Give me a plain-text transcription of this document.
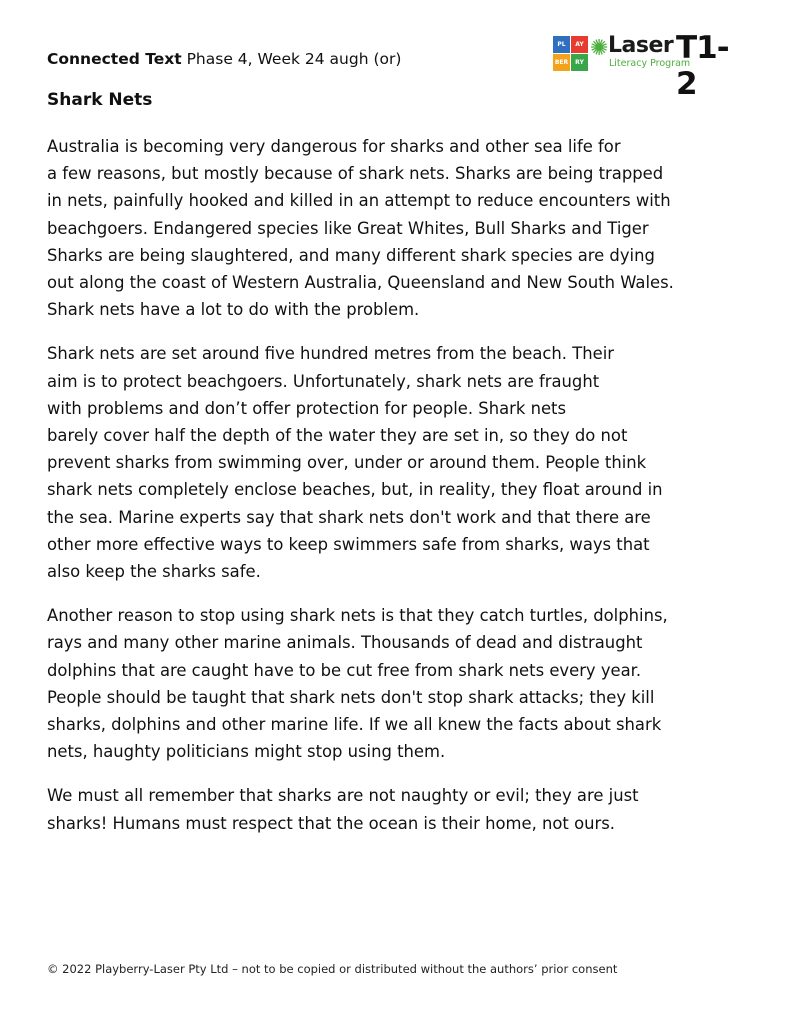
Connected Text Phase 4, Week 24 augh (or)
PL	AY
BER	RY
✺ Laser
Literacy Program
T1-2
Shark Nets

Australia is becoming very dangerous for sharks and other sea life for
a few reasons, but mostly because of shark nets. Sharks are being trapped
in nets, painfully hooked and killed in an attempt to reduce encounters with
beachgoers. Endangered species like Great Whites, Bull Sharks and Tiger
Sharks are being slaughtered, and many different shark species are dying
out along the coast of Western Australia, Queensland and New South Wales.
Shark nets have a lot to do with the problem.

Shark nets are set around five hundred metres from the beach. Their
aim is to protect beachgoers. Unfortunately, shark nets are fraught
with problems and don’t offer protection for people. Shark nets
barely cover half the depth of the water they are set in, so they do not
prevent sharks from swimming over, under or around them. People think
shark nets completely enclose beaches, but, in reality, they float around in
the sea. Marine experts say that shark nets don't work and that there are
other more effective ways to keep swimmers safe from sharks, ways that
also keep the sharks safe.

Another reason to stop using shark nets is that they catch turtles, dolphins,
rays and many other marine animals. Thousands of dead and distraught
dolphins that are caught have to be cut free from shark nets every year.
People should be taught that shark nets don't stop shark attacks; they kill
sharks, dolphins and other marine life. If we all knew the facts about shark
nets, haughty politicians might stop using them.

We must all remember that sharks are not naughty or evil; they are just
sharks! Humans must respect that the ocean is their home, not ours.

© 2022 Playberry-Laser Pty Ltd – not to be copied or distributed without the authors’ prior consent
